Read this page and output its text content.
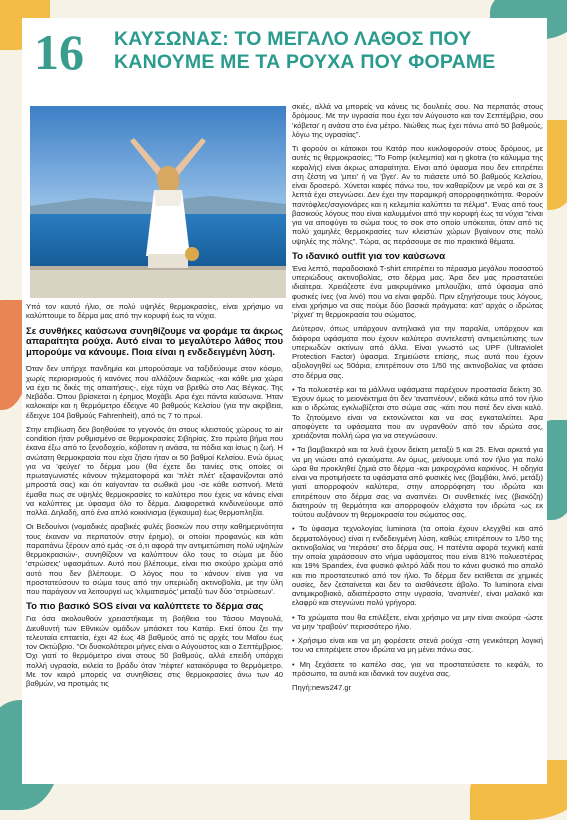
16 ΚΑΥΣΩΝΑΣ: ΤΟ ΜΕΓΑΛΟ ΛΑΘΟΣ ΠΟΥ
ΚΑΝΟΥΜΕ ΜΕ ΤΑ ΡΟΥΧΑ ΠΟΥ ΦΟΡΑΜΕ

Υπό τον καυτό ήλιο, σε πολύ υψηλές θερμοκρασίες, είναι χρήσιμο να καλύπτουμε το δέρμα μας από την κορυφή έως τα νύχια.

Σε συνθήκες καύσωνα συνηθίζουμε να φοράμε τα άκρως απαραίτητα ρούχα. Αυτό είναι το μεγαλύτερο λάθος που μπορούμε να κάνουμε. Ποια είναι η ενδεδειγμένη λύση.

Όταν δεν υπήρχε πανδημία και μπορούσαμε να ταξιδεύουμε στον κόσμο, χωρίς περιορισμούς ή κανόνες που αλλάζουν διαρκώς -και κάθε μια χώρα να έχει τις δικές της απαιτήσεις-, είχε τύχει να βρεθώ στο Λας Βέγκας. Της Νεβάδα. Όπου βρίσκεται η έρημος Μοχάβι. Αρα έχει πάντα καύσωνα. Ήταν καλοκαίρι και η θερμόμετρο έδειχνε 40 βαθμούς Κελσίου (για την ακρίβεια, έδειχνε 104 βαθμούς Fahrenheit), από τις 7 το πρωί.

Στην επιβίωση δεν βοηθούσε το γεγονός ότι στους κλειστούς χώρους το air condition ήταν ρυθμισμένο σε θερμοκρασίες Σιβηρίας. Στο πρώτο βήμα που έκανα έξω από το ξενοδοχείο, κόβοταν η ανάσα, τα πόδια και ίσως η ζωή. Η ανώτατη θερμοκρασία που είχα ζήσει ήταν οι 50 βαθμοί Κελσίου. Ενώ όμως για να 'φεύγει' το δέρμα μου (θα έχετε δει ταινίες στις οποίες οι πρωταγωνιστές κάνουν τηλεματοφορά και 'πλέτ πλέτ' εξαφανίζονται από μπροστά σας) και ότι καίγονταν τα σωθικά μου -σε κάθε εισπνοή. Μετά έμαθα πως σε υψηλές θερμοκρασίες το καλύτερο που έχεις να κάνεις είναι να καλύπτεις με ύφασμα όλο το δέρμα. Διαφορετικά κινδυνεύουμε από πολλά. Δηλαδή, από ένα απλό κοκκίνισμα (έγκαυμα) έως θερμοπληξία.

Οι Βεδουίνοι (νομαδικές αραβικές φυλές βοσκών που στην καθημερινότητα τους έκαναν να περπατούν στην έρημο), οι οποίοι προφανώς και κάτι παραπάνω ξέρουν από εμάς -σε ό,τι αφορά την αντιμετώπιση πολύ υψηλών θερμοκρασιών-, συνηθίζουν να καλύπτουν όλο τους το σώμα με δύο 'στρώσεις' υφασμάτων. Αυτό που βλέπουμε, είναι πιο σκούρο χρώμα από αυτό που δεν βλέπουμε. Ο λόγος που το κάνουν είναι για να προστατεύσουν το σώμα τους από την υπεριώδη ακτινοβολία, με την ύλη που παράγουν να λειτουργεί ως 'κλιματισμός' μεταξύ των δύο 'στρώσεων'.

Το πιο βασικό SOS είναι να καλύπτετε το δέρμα σας

Για όσα ακολουθούν χρειαστήκαμε τη βοήθεια του Τάσου Μαγουλά, Διευθυντή των Εθνικών ομάδων μπάσκετ του Κατάρ. Εκεί όπου ζει την τελευταία επταετία, έχει 42 έως 48 βαθμούς από τις αρχές του Μαΐου έως τον Οκτώβριο. "Οι δυσκολότεροι μήνες είναι ο Αύγουστος και ο Σεπτέμβριος. Όχι γιατί το θερμόμετρο είναι στους 50 βαθμούς, αλλά επειδή υπάρχει πολλή υγρασία, εκλεία το βράδυ όταν 'πέφτει' κατακόρυφα το θερμόμετρο. Με τον καιρό μπορείς να συνηθίσεις στις θερμοκρασίες άνω των 40 βαθμών, να προτιμάς τις

σκιές, αλλά να μπορείς να κάνεις τις δουλειές σου. Να περπατάς στους δρόμους. Με την υγρασία που έχει τον Αύγουστο και τον Σεπτέμβριο, σου 'κόβεται' η ανάσα στο ένα μέτρο. Νιώθεις πως έχει πάνω από 50 βαθμούς, λόγω της υγρασίας".

Τι φορούν οι κάτοικοι του Κατάρ που κυκλοφορούν στους δρόμους, με αυτές τις θερμοκρασίες; "Το Fomp (κελεμπία) και η gkotra (το κάλυμμα της κεφαλής) είναι άκρως απαραίτητα. Είναι από ύφασμα που δεν επιτρέπει στη ζέστη να 'μπει' ή να 'βγει'. Αν το πιάσετε υπό 50 βαθμούς Κελσίου, είναι δροσερό. Χύνεται καφές πάνω του, τον καθαρίζουν με νερό και σε 3 λεπτά έχει στεγνώσει. Δεν έχει την παραμικρή απορροφητικότητα. Φορούν παντόφλες/σαγιονάρες και η κελεμπία καλύπτει τα πέλμα". Ένας από τους βασικούς λόγους που είναι καλυμμένοι από την κορυφή έως τα νύχια "είναι για να αποφύγει το σώμα τους το σοκ στο οποίο υπόκειται, όταν από τις πολύ χαμηλές θερμοκρασίες των κλειστών χώρων βγαίνουν στις πολύ υψηλές της πόλης". Τώρα, ας περάσουμε σε πιο πρακτικά θέματα.

Το ιδανικό outfit για τον καύσωνα

Ένα λεπτό, παραδοσιακό T-shirt επιτρέπει το πέρασμα μεγάλου ποσοστού υπεριώδους ακτινοβολίας, στο δέρμα μας. Άρα δεν μας προστατεύει ιδιαίτερα. Χρειάζεστε ένα μακρυμάνικο μπλουζάκι, από ύφασμα από φυσικές ίνες (να λινό) που να είναι φαρδύ. Πριν εξηγήσουμε τους λόγους, είναι χρήσιμο να σας πούμε δύο βασικά πράγματα: κατ' αρχάς ο ιδρώτας 'ρίχνει' τη θερμοκρασία του σώματος.

Δεύτερον, όπως υπάρχουν αντηλιακά για την παραλία, υπάρχουν και διάφορα υφάσματα που έχουν καλύτερο συντελεστή αντιμετώπισης των υπεριωδών ακτίνων από άλλα. Είναι γνωστό ως UPF (Ultraviolet Protection Factor) ύφασμα. Σημειώστε επίσης, πως αυτά που έχουν αξιολογηθεί ως 50άρια, επιτρέπουν στο 1/50 της ακτινοβολίας να φτάσει στο δέρμα σας.

• Τα πολυεστέρ και τα μάλλινα υφάσματα παρέχουν προστασία δείκτη 30. Έχουν όμως το μειονέκτημα ότι δεν 'αναπνέουν', ειδικά κάτω από τον ήλιο και ο ιδρώτας εγκλωβίζεται στο σώμα σας -κάτι που ποτέ δεν είναι καλό. Το ζητούμενο είναι να εκτονώνεται και να σας εγκαταλείπει. Άρα αποφύγετε τα υφάσματα που αν υγρανθούν από τον ιδρώτα σας, χρειάζονται πολλή ώρα για να στεγνώσουν.

• Τα βαμβακερά και τα λινά έχουν δείκτη μεταξύ 5 και 25. Είναι αρκετά για να μη νιώσει από εγκαύματα. Αν όμως, μείνουμε υπό τον ήλιο για πολύ ώρα θα προκληθεί ζημιά στο δέρμα -και μακροχρόνια καρκίνος. Η οδηγία είναι να προτιμήσετε τα υφάσματα από φυσικές ίνες (βαμβάκι, λινό, μετάξι) γιατί απορροφούν καλύτερα, στην απορρόφηση του ιδρώτα και επιτρέπουν στο δέρμα σας να αναπνέει. Οι συνθετικές ίνες (βισκόζη) διατηρούν τη θερμότητα και απορροφούν ελάχιστα τον ιδρώτα -ως εκ τούτου αυξάνουν τη θερμοκρασία του σώματος σας.

• Το ύφασμα τεχνολογίας luminora (τα οποία έχουν ελεγχθεί και από δερματολόγους) είναι η ενδεδειγμένη λύση, καθώς επιτρέπουν το 1/50 της ακτινοβολίας να 'περάσει' στο δέρμα σας. Η πατέντα αφορά τεχνική κατά την οποία χαράσσουν στο νήμα υφάσματος που είναι 81% πολυεστέρας και 19% Spandex, ένα φυσικό φιλτρό λάδι που το κάνει φυσικό πιο απαλό και πιο προστατευτικό από τον ήλιο. Το δέρμα δεν εκτίθεται σε χημικές ουσίες, δεν ζεσταίνεται και δεν το αισθάνεστε άβολο. Το luminora είναι αντιμικροβιακό, αδιαπέραστο στην υγρασία, 'αναπνέει', είναι μαλακό και ελαφρύ και στεγνώνει πολύ γρήγορα.

• Τα χρώματα που θα επιλέξετε, είναι χρήσιμο να μην είναι σκούρα -ώστε να μην 'τραβούν' περισσότερο ήλιο.

• Χρήσιμο είναι και να μη φορέσετε στενά ρούχα -στη γενικότερη λογική του να επιτρέψετε στον ιδρώτα να μη μένει πάνω σας.

• Μη ξεχάσετε το καπέλο σας, για να προστατεύσετε το κεφάλι, το πρόσωπο, τα αυτιά και ιδανικά τον αυχένα σας.

Πηγή:news247.gr
